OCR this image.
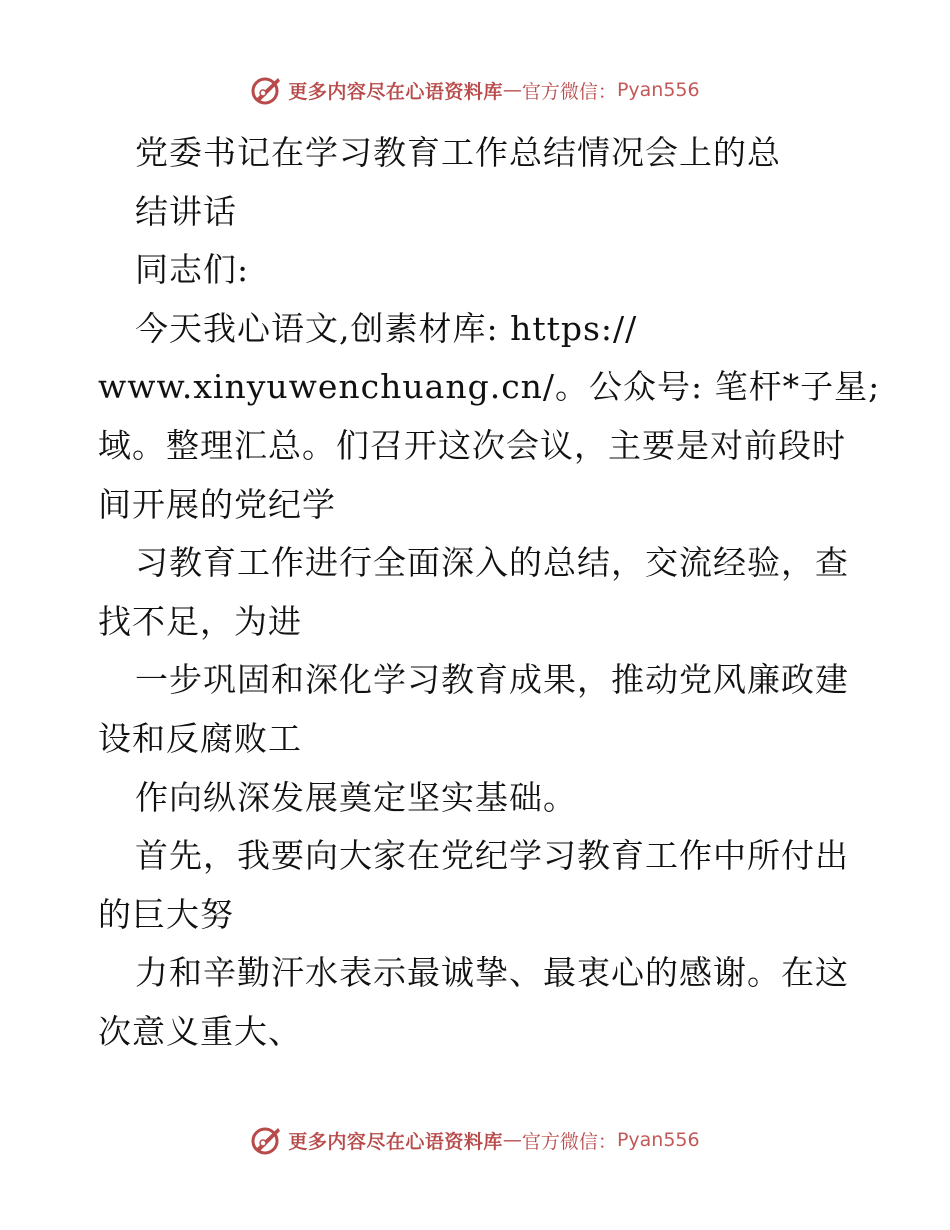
更多内容尽在心语资料库 — 官方微信： Pyan556
党委书记在学习教育工作总结情况会上的总
结讲话
同志们:
今天我心语文,创素材库: https://
www.xinyuwenchuang.cn/。公众号: 笔杆*子星;
域。整理汇总。们召开这次会议，主要是对前段时
间开展的党纪学
习教育工作进行全面深入的总结，交流经验，查
找不足，为进
一步巩固和深化学习教育成果，推动党风廉政建
设和反腐败工
作向纵深发展奠定坚实基础。
首先，我要向大家在党纪学习教育工作中所付出
的巨大努
力和辛勤汗水表示最诚挚、最衷心的感谢。在这
次意义重大、
更多内容尽在心语资料库 — 官方微信： Pyan556
